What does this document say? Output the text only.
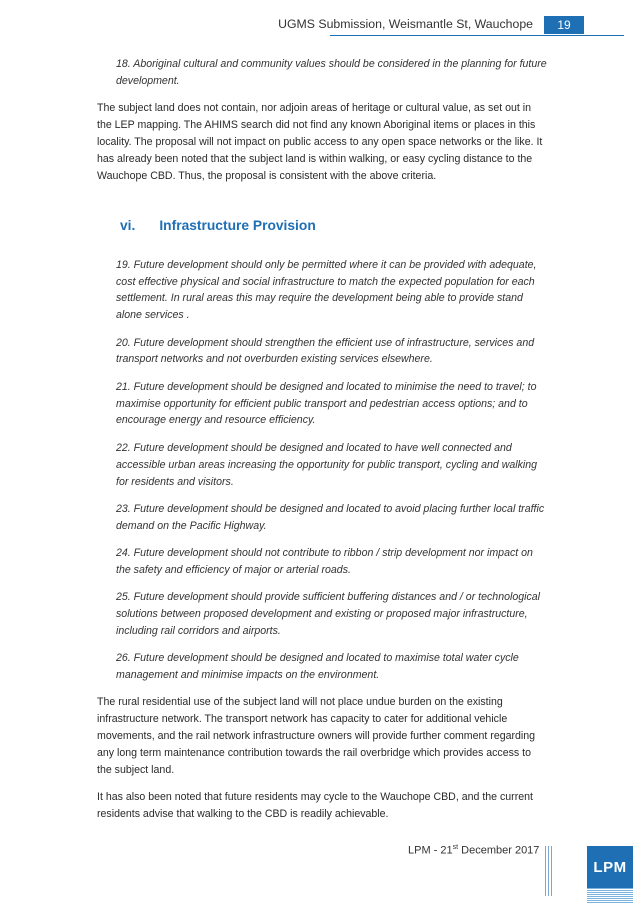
UGMS Submission, Weismantle St, Wauchope	19

18. Aboriginal cultural and community values should be considered in the planning for future development.

The subject land does not contain, nor adjoin areas of heritage or cultural value, as set out in the LEP mapping. The AHIMS search did not find any known Aboriginal items or places in this locality. The proposal will not impact on public access to any open space networks or the like. It has already been noted that the subject land is within walking, or easy cycling distance to the Wauchope CBD. Thus, the proposal is consistent with the above criteria.

vi. Infrastructure Provision

19. Future development should only be permitted where it can be provided with adequate, cost effective physical and social infrastructure to match the expected population for each settlement. In rural areas this may require the development being able to provide stand alone services .

20. Future development should strengthen the efficient use of infrastructure, services and transport networks and not overburden existing services elsewhere.

21. Future development should be designed and located to minimise the need to travel; to maximise opportunity for efficient public transport and pedestrian access options; and to encourage energy and resource efficiency.

22. Future development should be designed and located to have well connected and accessible urban areas increasing the opportunity for public transport, cycling and walking for residents and visitors.

23. Future development should be designed and located to avoid placing further local traffic demand on the Pacific Highway.

24. Future development should not contribute to ribbon / strip development nor impact on the safety and efficiency of major or arterial roads.

25. Future development should provide sufficient buffering distances and / or technological solutions between proposed development and existing or proposed major infrastructure, including rail corridors and airports.

26. Future development should be designed and located to maximise total water cycle management and minimise impacts on the environment.

The rural residential use of the subject land will not place undue burden on the existing infrastructure network. The transport network has capacity to cater for additional vehicle movements, and the rail network infrastructure owners will provide further comment regarding any long term maintenance contribution towards the rail overbridge which provides access to the subject land.

It has also been noted that future residents may cycle to the Wauchope CBD, and the current residents advise that walking to the CBD is readily achievable.

LPM - 21st December 2017
LPM
